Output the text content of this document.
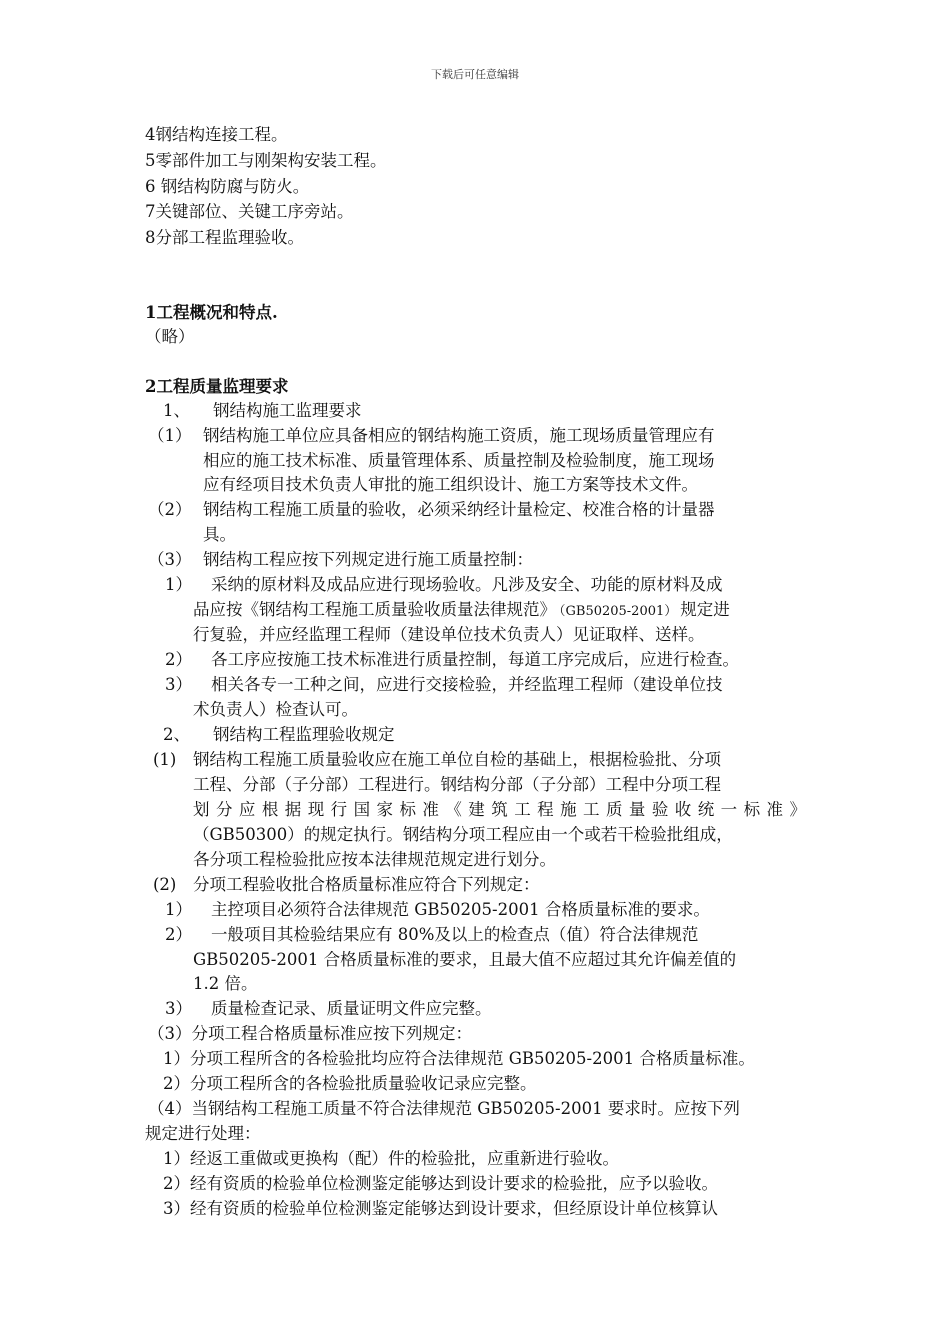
下载后可任意编辑
4钢结构连接工程。
5零部件加工与刚架构安装工程。
6 钢结构防腐与防火。
7关键部位、关键工序旁站。
8分部工程监理验收。
1工程概况和特点.
（略）
2工程质量监理要求
1、 钢结构施工监理要求
（1） 钢结构施工单位应具备相应的钢结构施工资质，施工现场质量管理应有
相应的施工技术标准、质量管理体系、质量控制及检验制度，施工现场
应有经项目技术负责人审批的施工组织设计、施工方案等技术文件。
（2） 钢结构工程施工质量的验收，必须采纳经计量检定、校准合格的计量器
具。
（3） 钢结构工程应按下列规定进行施工质量控制：
1） 采纳的原材料及成品应进行现场验收。凡涉及安全、功能的原材料及成
品应按《钢结构工程施工质量验收质量法律规范》 （GB50205-2001） 规定进
行复验，并应经监理工程师（建设单位技术负责人）见证取样、送样。
2） 各工序应按施工技术标准进行质量控制，每道工序完成后，应进行检查。
3） 相关各专一工种之间，应进行交接检验，并经监理工程师（建设单位技
术负责人）检查认可。
2、 钢结构工程监理验收规定
(1) 钢结构工程施工质量验收应在施工单位自检的基础上，根据检验批、分项
工程、分部（子分部）工程进行。钢结构分部（子分部）工程中分项工程
划分应根据现行国家标准《建筑工程施工质量验收统一标准》
（GB50300）的规定执行。钢结构分项工程应由一个或若干检验批组成，
各分项工程检验批应按本法律规范规定进行划分。
(2) 分项工程验收批合格质量标准应符合下列规定：
1） 主控项目必须符合法律规范 GB50205-2001 合格质量标准的要求。
2） 一般项目其检验结果应有 80%及以上的检查点（值）符合法律规范
GB50205-2001 合格质量标准的要求，且最大值不应超过其允许偏差值的
1.2 倍。
3） 质量检查记录、质量证明文件应完整。
（3）分项工程合格质量标准应按下列规定：
1）分项工程所含的各检验批均应符合法律规范 GB50205-2001 合格质量标准。
2）分项工程所含的各检验批质量验收记录应完整。
（4）当钢结构工程施工质量不符合法律规范 GB50205-2001 要求时。应按下列
规定进行处理：
1）经返工重做或更换构（配）件的检验批，应重新进行验收。
2）经有资质的检验单位检测鉴定能够达到设计要求的检验批，应予以验收。
3）经有资质的检验单位检测鉴定能够达到设计要求，但经原设计单位核算认
